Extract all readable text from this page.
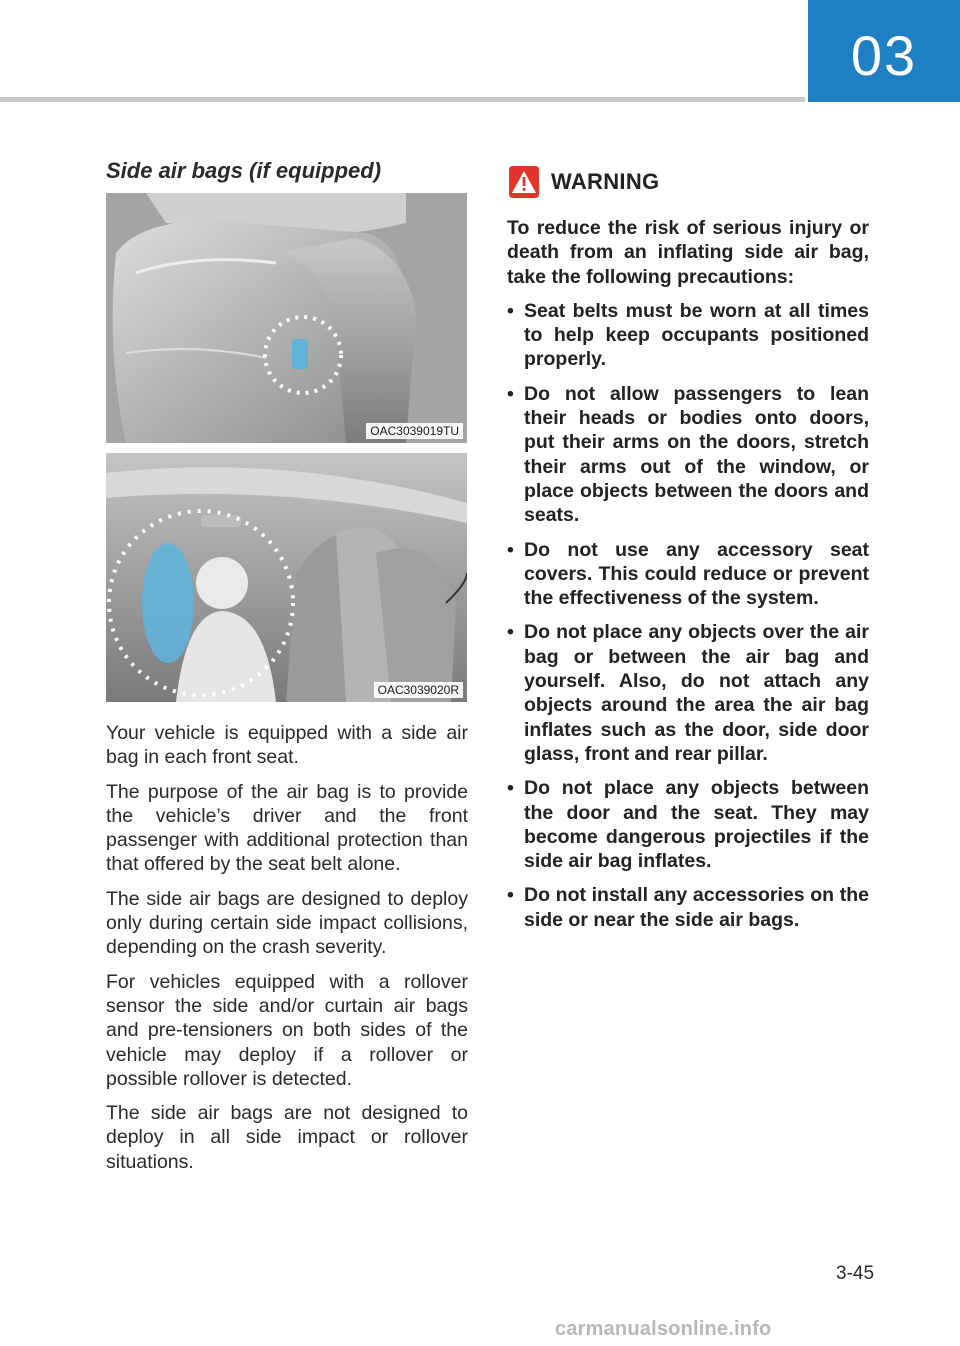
03
Side air bags (if equipped)
OAC3039019TU
OAC3039020R

Your vehicle is equipped with a side air bag in each front seat.

The purpose of the air bag is to provide the vehicle’s driver and the front passenger with additional protection than that offered by the seat belt alone.

The side air bags are designed to deploy only during certain side impact collisions, depending on the crash severity.

For vehicles equipped with a rollover sensor the side and/or curtain air bags and pre-tensioners on both sides of the vehicle may deploy if a rollover or possible rollover is detected.

The side air bags are not designed to deploy in all side impact or rollover situations.

WARNING

To reduce the risk of serious injury or death from an inflating side air bag, take the following precautions:

• Seat belts must be worn at all times to help keep occupants positioned properly.
• Do not allow passengers to lean their heads or bodies onto doors, put their arms on the doors, stretch their arms out of the window, or place objects between the doors and seats.
• Do not use any accessory seat covers. This could reduce or prevent the effectiveness of the system.
• Do not place any objects over the air bag or between the air bag and yourself. Also, do not attach any objects around the area the air bag inflates such as the door, side door glass, front and rear pillar.
• Do not place any objects between the door and the seat. They may become dangerous projectiles if the side air bag inflates.
• Do not install any accessories on the side or near the side air bags.
3-45
carmanualsonline.info
